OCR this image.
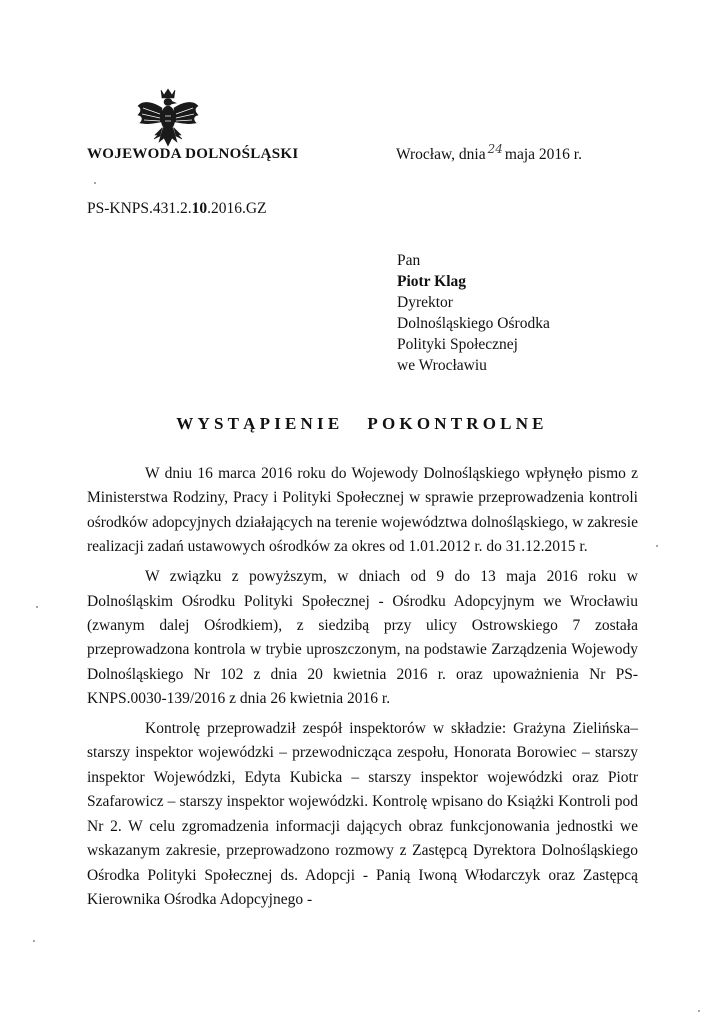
WOJEWODA DOLNOŚLĄSKI	Wrocław, dnia $^{24}$ maja 2016 r.
PS-KNPS.431.2.10.2016.GZ
Pan
Piotr Klag
Dyrektor
Dolnośląskiego Ośrodka
Polityki Społecznej
we Wrocławiu
WYSTĄPIENIE POKONTROLNE

W dniu 16 marca 2016 roku do Wojewody Dolnośląskiego wpłynęło pismo z Ministerstwa Rodziny, Pracy i Polityki Społecznej w sprawie przeprowadzenia kontroli ośrodków adopcyjnych działających na terenie województwa dolnośląskiego, w zakresie realizacji zadań ustawowych ośrodków za okres od 1.01.2012 r. do 31.12.2015 r.

W związku z powyższym, w dniach od 9 do 13 maja 2016 roku w Dolnośląskim Ośrodku Polityki Społecznej - Ośrodku Adopcyjnym we Wrocławiu (zwanym dalej Ośrodkiem), z siedzibą przy ulicy Ostrowskiego 7 została przeprowadzona kontrola w trybie uproszczonym, na podstawie Zarządzenia Wojewody Dolnośląskiego Nr 102 z dnia 20 kwietnia 2016 r. oraz upoważnienia Nr PS-KNPS.0030-139/2016 z dnia 26 kwietnia 2016 r.

Kontrolę przeprowadził zespół inspektorów w składzie: Grażyna Zielińska– starszy inspektor wojewódzki – przewodnicząca zespołu, Honorata Borowiec – starszy inspektor Wojewódzki, Edyta Kubicka – starszy inspektor wojewódzki oraz Piotr Szafarowicz – starszy inspektor wojewódzki. Kontrolę wpisano do Książki Kontroli pod Nr 2. W celu zgromadzenia informacji dających obraz funkcjonowania jednostki we wskazanym zakresie, przeprowadzono rozmowy z Zastępcą Dyrektora Dolnośląskiego Ośrodka Polityki Społecznej ds. Adopcji - Panią Iwoną Włodarczyk oraz Zastępcą Kierownika Ośrodka Adopcyjnego -
